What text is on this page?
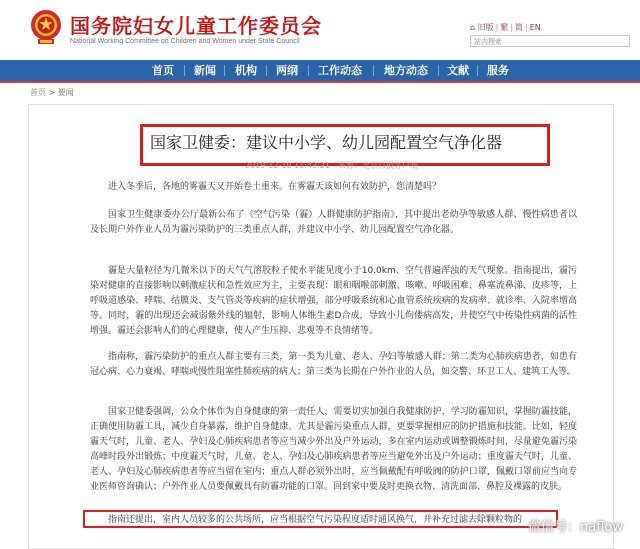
国务院妇女儿童工作委员会
National Working Committee on Children and Women under State Council
⌂ 旧版 | 繁 | 简 | EN
站内搜索
首页 新闻 机构 两纲 工作动态 地方动态 文献 服务
首页 > 要闻
国家卫健委：建议中小学、幼儿园配置空气净化器
2019-12-10 11:43:21 来源：北京日报客户端
进入冬季后，各地的雾霾天又开始卷土重来。在雾霾天该如何有效防护，您清楚吗？
国家卫生健康委办公厅最新公布了《空气污染（霾）人群健康防护指南》，其中提出老幼孕等敏感人群、慢性病患者以及长期户外作业人员为霾污染防护的三类重点人群，并建议中小学、幼儿园配置空气净化器。
霾是大量粒径为几微米以下的大气气溶胶粒子使水平能见度小于10.0km、空气普遍浑浊的天气现象。指南提出，霾污染对健康的直接影响以刺激症状和急性效应为主，主要表现：眼和咽喉部刺激、咳嗽、呼吸困难、鼻塞流鼻涕、皮疹等，上呼吸道感染、哮喘、结膜炎、支气管炎等疾病的症状增强，部分呼吸系统和心血管系统疾病的发病率、就诊率、入院率增高等。同时，霾的出现还会减弱紫外线的辐射，影响人体维生素D合成，导致小儿佝偻病高发，并使空气中传染性病菌的活性增强。霾还会影响人们的心理健康，使人产生压抑、悲观等不良情绪等。
指南称，霾污染防护的重点人群主要有三类，第一类为儿童、老人、孕妇等敏感人群；第二类为心肺疾病患者，如患有冠心病、心力衰竭、哮喘或慢性阻塞性肺疾病的病人；第三类为长期在户外作业的人员，如交警、环卫工人、建筑工人等。
国家卫健委强调，公众个体作为自身健康的第一责任人，需要切实加强自我健康防护，学习防霾知识，掌握防霾技能，正确使用防霾工具，减少自身暴露，维护自身健康。尤其是霾污染重点人群，更要掌握相应的防护措施和技能。比如，轻度霾天气时，儿童、老人、孕妇及心肺疾病患者等应当减少外出及户外运动，多在室内运动或调整锻炼时间，尽量避免霾污染高峰时段外出锻炼；中度霾天气时，儿童、老人、孕妇及心肺疾病患者等应当避免外出及户外运动；重度霾天气时，儿童、老人、孕妇及心肺疾病患者等应当留在室内；重点人群必须外出时，应当佩戴配有呼吸阀的防护口罩，佩戴口罩前应当向专业医师咨询确认；户外作业人员要佩戴具有防霾功能的口罩。回到家中要及时更换衣物、清洗面部、鼻腔及裸露的皮肤。
指南还提出，室内人员较多的公共场所，应当根据空气污染程度适时通风换气，并补充过滤去除颗粒物的 微信号：naflow
